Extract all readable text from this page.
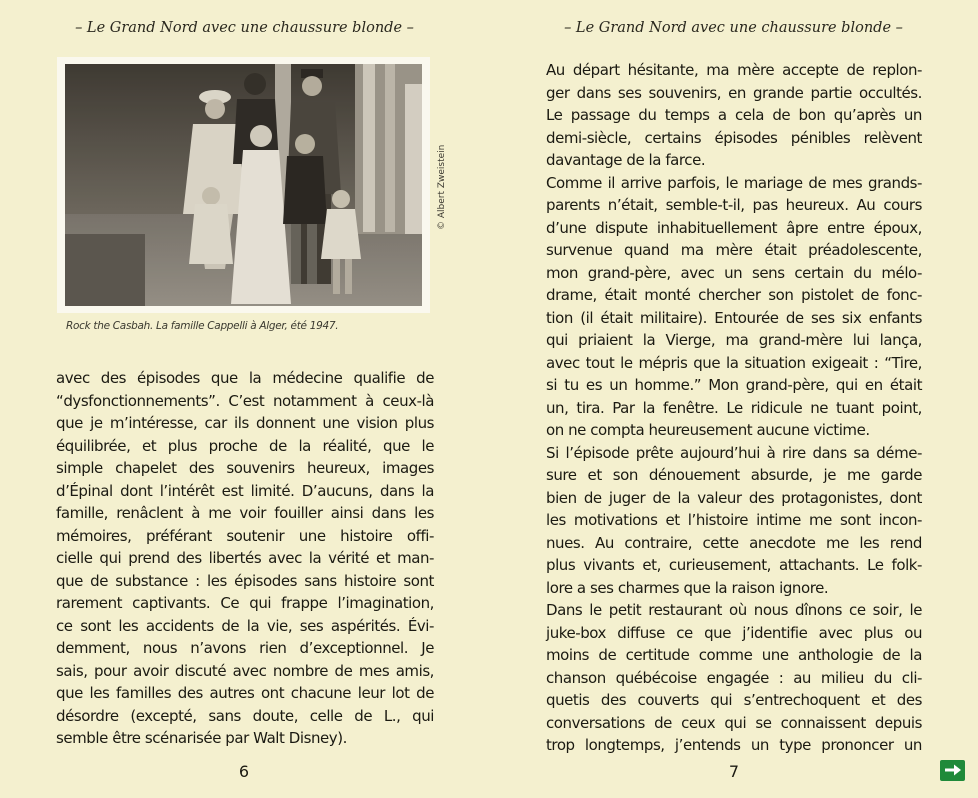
– Le Grand Nord avec une chaussure blonde –
© Albert Zweistein
Rock the Casbah. La famille Cappelli à Alger, été 1947.
avec des épisodes que la médecine qualifie de
“dysfonctionnements”. C’est notamment à ceux-là
que je m’intéresse, car ils donnent une vision plus
équilibrée, et plus proche de la réalité, que le
simple chapelet des souvenirs heureux, images
d’Épinal dont l’intérêt est limité. D’aucuns, dans la
famille, renâclent à me voir fouiller ainsi dans les
mémoires, préférant soutenir une histoire offi-
cielle qui prend des libertés avec la vérité et man-
que de substance : les épisodes sans histoire sont
rarement captivants. Ce qui frappe l’imagination,
ce sont les accidents de la vie, ses aspérités. Évi-
demment, nous n’avons rien d’exceptionnel. Je
sais, pour avoir discuté avec nombre de mes amis,
que les familles des autres ont chacune leur lot de
désordre (excepté, sans doute, celle de L., qui
semble être scénarisée par Walt Disney).
6
– Le Grand Nord avec une chaussure blonde –
Au départ hésitante, ma mère accepte de replon-
ger dans ses souvenirs, en grande partie occultés.
Le passage du temps a cela de bon qu’après un
demi-siècle, certains épisodes pénibles relèvent
davantage de la farce.
Comme il arrive parfois, le mariage de mes grands-
parents n’était, semble-t-il, pas heureux. Au cours
d’une dispute inhabituellement âpre entre époux,
survenue quand ma mère était préadolescente,
mon grand-père, avec un sens certain du mélo-
drame, était monté chercher son pistolet de fonc-
tion (il était militaire). Entourée de ses six enfants
qui priaient la Vierge, ma grand-mère lui lança,
avec tout le mépris que la situation exigeait : “Tire,
si tu es un homme.” Mon grand-père, qui en était
un, tira. Par la fenêtre. Le ridicule ne tuant point,
on ne compta heureusement aucune victime.
Si l’épisode prête aujourd’hui à rire dans sa déme-
sure et son dénouement absurde, je me garde
bien de juger de la valeur des protagonistes, dont
les motivations et l’histoire intime me sont incon-
nues. Au contraire, cette anecdote me les rend
plus vivants et, curieusement, attachants. Le folk-
lore a ses charmes que la raison ignore.
Dans le petit restaurant où nous dînons ce soir, le
juke-box diffuse ce que j’identifie avec plus ou
moins de certitude comme une anthologie de la
chanson québécoise engagée : au milieu du cli-
quetis des couverts qui s’entrechoquent et des
conversations de ceux qui se connaissent depuis
trop longtemps, j’entends un type prononcer un
7
